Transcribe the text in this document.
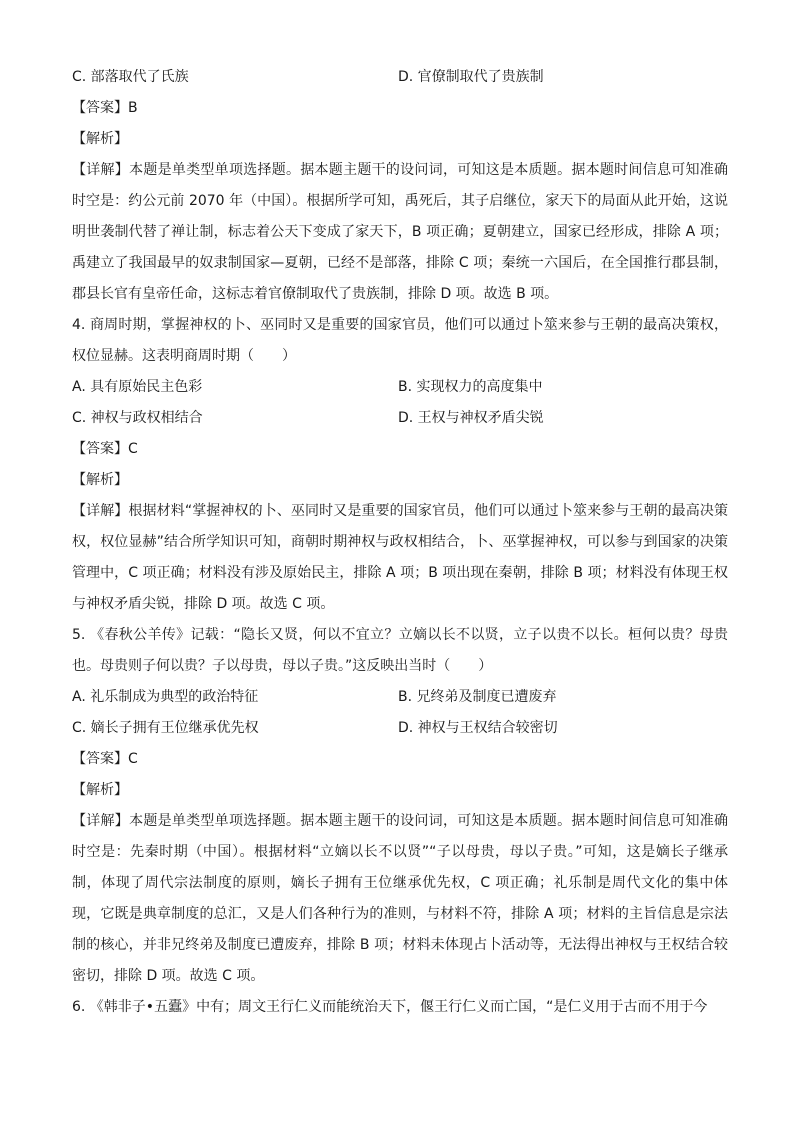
C. 部落取代了氏族	D. 官僚制取代了贵族制
【答案】B
【解析】
【详解】本题是单类型单项选择题。据本题主题干的设问词，可知这是本质题。据本题时间信息可知准确时空是：约公元前 2070 年（中国）。根据所学可知，禹死后，其子启继位，家天下的局面从此开始，这说明世袭制代替了禅让制，标志着公天下变成了家天下，B 项正确；夏朝建立，国家已经形成，排除 A 项；禹建立了我国最早的奴隶制国家—夏朝，已经不是部落，排除 C 项；秦统一六国后，在全国推行郡县制，郡县长官有皇帝任命，这标志着官僚制取代了贵族制，排除 D 项。故选 B 项。
4. 商周时期，掌握神权的卜、巫同时又是重要的国家官员，他们可以通过卜筮来参与王朝的最高决策权，权位显赫。这表明商周时期（　　）
A. 具有原始民主色彩	B. 实现权力的高度集中
C. 神权与政权相结合	D. 王权与神权矛盾尖锐
【答案】C
【解析】
【详解】根据材料“掌握神权的卜、巫同时又是重要的国家官员，他们可以通过卜筮来参与王朝的最高决策权，权位显赫”结合所学知识可知，商朝时期神权与政权相结合，卜、巫掌握神权，可以参与到国家的决策管理中，C 项正确；材料没有涉及原始民主，排除 A 项；B 项出现在秦朝，排除 B 项；材料没有体现王权与神权矛盾尖锐，排除 D 项。故选 C 项。
5. 《春秋公羊传》记载：“隐长又贤，何以不宜立？立嫡以长不以贤，立子以贵不以长。桓何以贵？母贵也。母贵则子何以贵？子以母贵，母以子贵。”这反映出当时（　　）
A. 礼乐制成为典型的政治特征	B. 兄终弟及制度已遭废弃
C. 嫡长子拥有王位继承优先权	D. 神权与王权结合较密切
【答案】C
【解析】
【详解】本题是单类型单项选择题。据本题主题干的设问词，可知这是本质题。据本题时间信息可知准确时空是：先秦时期（中国）。根据材料“立嫡以长不以贤”“子以母贵，母以子贵。”可知，这是嫡长子继承制，体现了周代宗法制度的原则，嫡长子拥有王位继承优先权，C 项正确；礼乐制是周代文化的集中体现，它既是典章制度的总汇，又是人们各种行为的准则，与材料不符，排除 A 项；材料的主旨信息是宗法制的核心，并非兄终弟及制度已遭废弃，排除 B 项；材料未体现占卜活动等，无法得出神权与王权结合较密切，排除 D 项。故选 C 项。
6. 《韩非子•五蠹》中有；周文王行仁义而能统治天下，偃王行仁义而亡国，“是仁义用于古而不用于今
